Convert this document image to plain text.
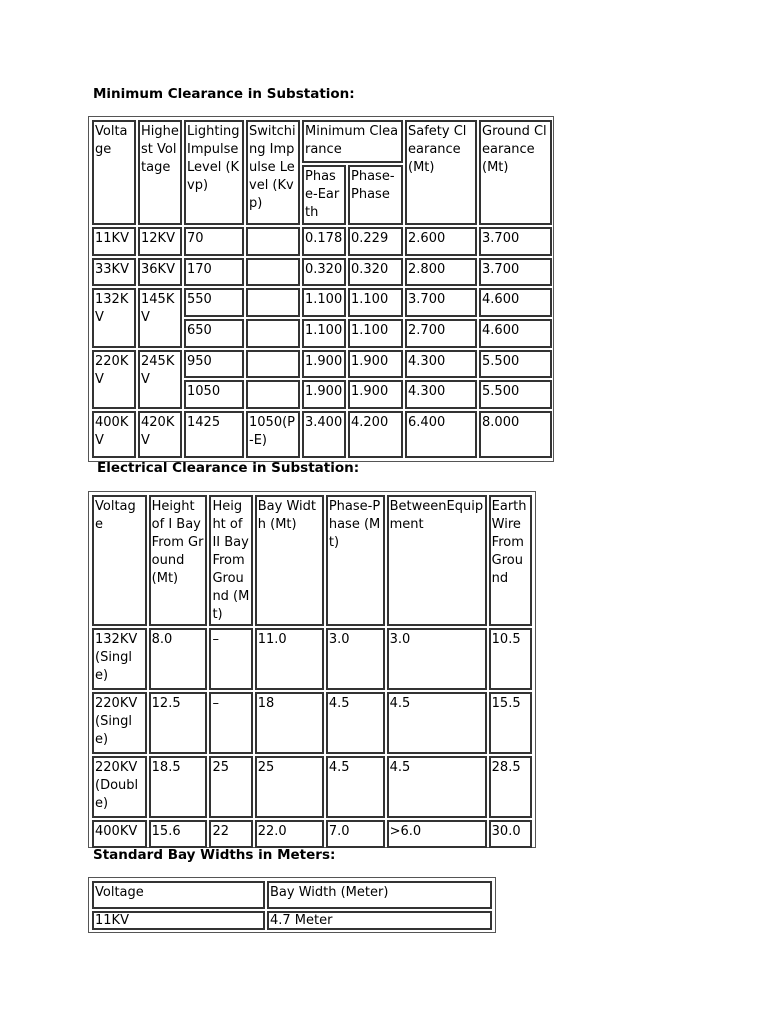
Minimum Clearance in Substation:
Voltage	Highest Voltage	Lighting Impulse Level (Kvp)	Switching Impulse Level (Kvp)	Minimum Clearance		Safety Clearance (Mt)	Ground Clearance (Mt)
				Phase-Earth	Phase-Phase		
11KV	12KV	70		0.178	0.229	2.600	3.700
33KV	36KV	170		0.320	0.320	2.800	3.700
132KV	145KV	550		1.100	1.100	3.700	4.600
		650		1.100	1.100	2.700	4.600
220KV	245KV	950		1.900	1.900	4.300	5.500
		1050		1.900	1.900	4.300	5.500
400KV	420KV	1425	1050(P-E)	3.400	4.200	6.400	8.000
Electrical Clearance in Substation:
Voltage	Height of I Bay From Ground (Mt)	Height of II Bay From Ground (Mt)	Bay Width (Mt)	Phase-Phase (Mt)	BetweenEquipment	Earth Wire From Ground
132KV (Single)	8.0	–	11.0	3.0	3.0	10.5
220KV (Single)	12.5	–	18	4.5	4.5	15.5
220KV (Double)	18.5	25	25	4.5	4.5	28.5
400KV	15.6	22	22.0	7.0	>6.0	30.0
Standard Bay Widths in Meters:
Voltage	Bay Width (Meter)
11KV	4.7 Meter
